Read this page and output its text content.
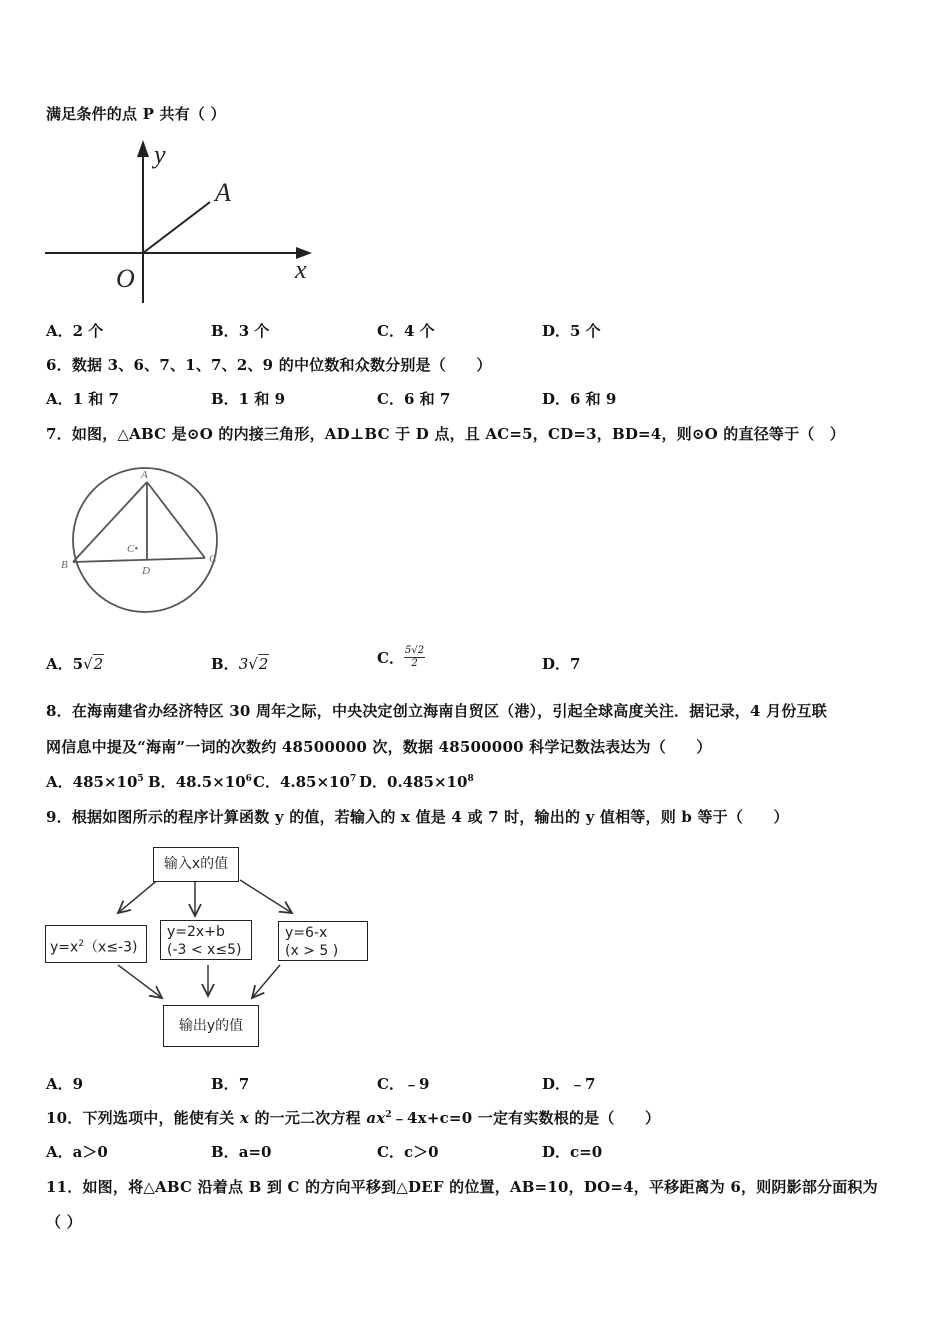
满足条件的点 P 共有（ ）
y
A
x
O
A．2 个	B．3 个	C．4 个	D．5 个
6．数据 3、6、7、1、7、2、9 的中位数和众数分别是（　　）
A．1 和 7	B．1 和 9	C．6 和 7	D．6 和 9
7．如图，△ABC 是⊙O 的内接三角形，AD⊥BC 于 D 点，且 AC=5，CD=3，BD=4，则⊙O 的直径等于（　）
A
B	C
D
C•
A．5√2	B．3√2	C． $\frac{5√2}{2}$	D．7
8．在海南建省办经济特区 30 周年之际，中央决定创立海南自贸区（港），引起全球高度关注．据记录，4 月份互联
网信息中提及“海南”一词的次数约 48500000 次，数据 48500000 科学记数法表达为（　　）
A．$485\times 10^5$ B．$48.5\times 10^6$ C．$4.85\times 10^7$ D．$0.485\times 10^8$
9．根据如图所示的程序计算函数 y 的值，若输入的 x 值是 4 或 7 时，输出的 y 值相等，则 b 等于（　　）
输入x的值
$y=x^2(x\le-3)$
y=2x+b
(-3 < x≤5)
y=6-x
(x > 5 )
输出y的值
A．9	B．7	C．﹣9	D．﹣7
10．下列选项中，能使有关 x 的一元二次方程 $ax^2﹣4x+c=0$ 一定有实数根的是（　　）
A．a＞0	B．a=0	C．c＞0	D．c=0
11．如图，将△ABC 沿着点 B 到 C 的方向平移到△DEF 的位置，AB=10，DO=4，平移距离为 6，则阴影部分面积为
（ ）
